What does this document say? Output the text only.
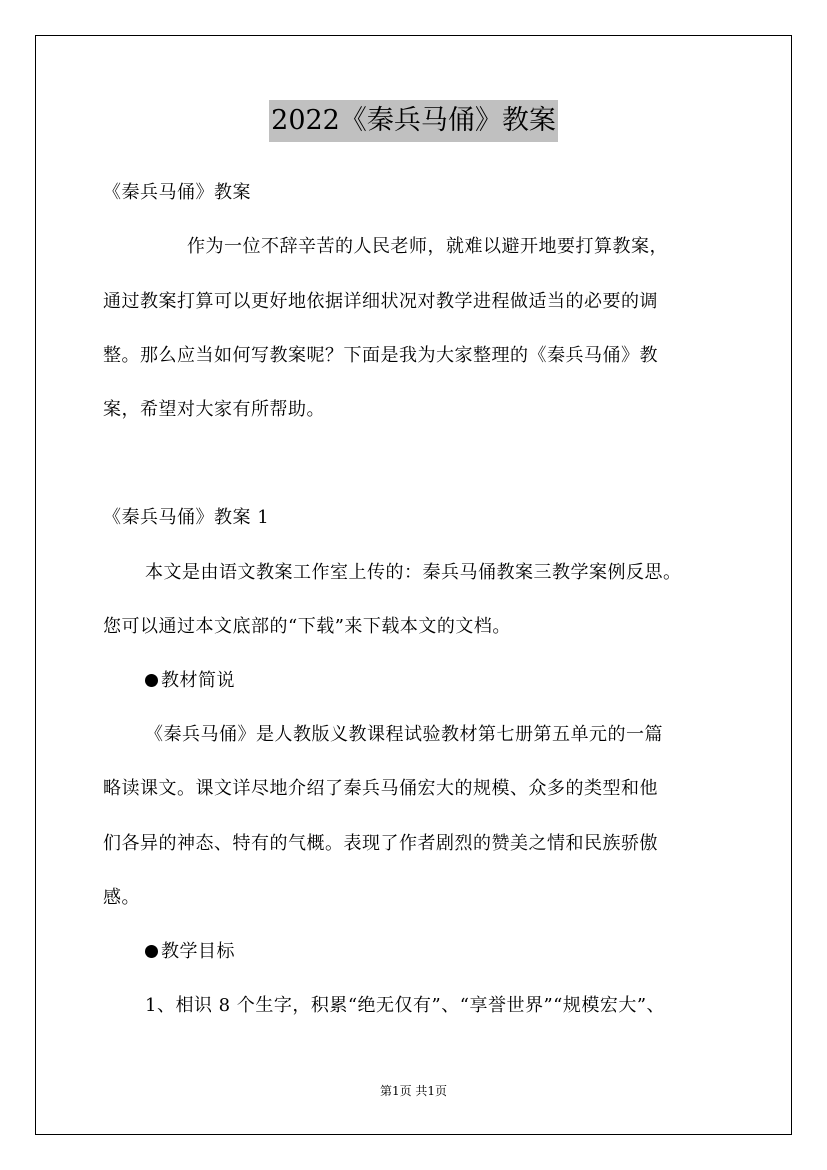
2022《秦兵马俑》教案
《秦兵马俑》教案
作为一位不辞辛苦的人民老师，就难以避开地要打算教案，
通过教案打算可以更好地依据详细状况对教学进程做适当的必要的调
整。那么应当如何写教案呢？下面是我为大家整理的《秦兵马俑》教
案，希望对大家有所帮助。
《秦兵马俑》教案 1
本文是由语文教案工作室上传的：秦兵马俑教案三教学案例反思。
您可以通过本文底部的“下载”来下载本文的文档。
教材简说
《秦兵马俑》是人教版义教课程试验教材第七册第五单元的一篇
略读课文。课文详尽地介绍了秦兵马俑宏大的规模、众多的类型和他
们各异的神态、特有的气概。表现了作者剧烈的赞美之情和民族骄傲
感。
教学目标
1、相识 8 个生字，积累“绝无仅有”、“享誉世界”“规模宏大”、
第1页 共1页
